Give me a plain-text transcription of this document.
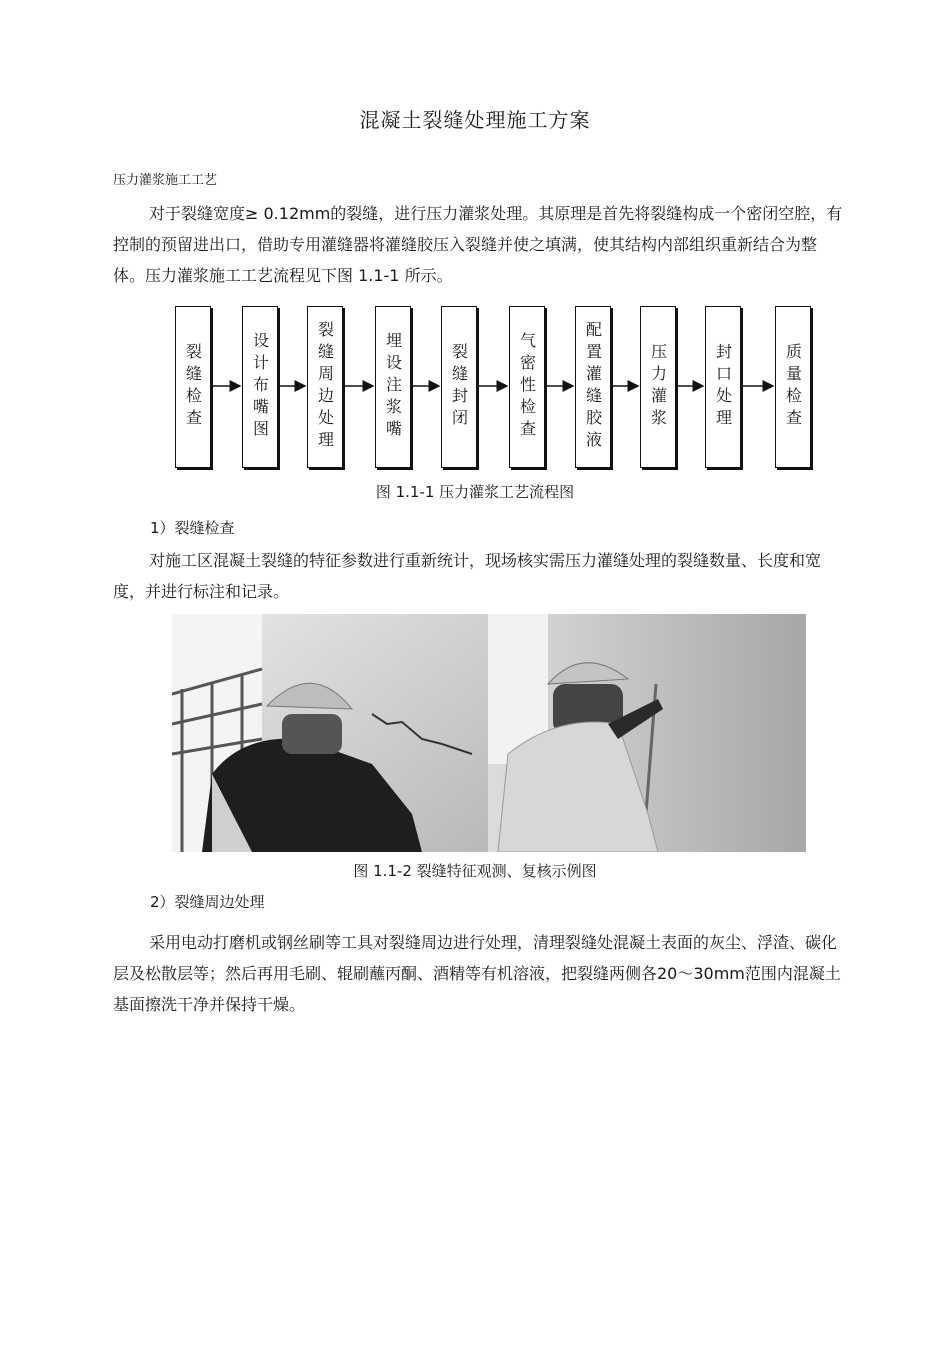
混凝土裂缝处理施工方案
压力灌浆施工工艺

对于裂缝宽度≥ 0.12mm的裂缝，进行压力灌浆处理。其原理是首先将裂缝构成一个密闭空腔，有控制的预留进出口，借助专用灌缝器将灌缝胶压入裂缝并使之填满，使其结构内部组织重新结合为整体。压力灌浆施工工艺流程见下图 1.1-1 所示。

裂缝检查	设计布嘴图	裂缝周边处理	埋设注浆嘴	裂缝封闭	气密性检查	配置灌缝胶液	压力灌浆	封口处理	质量检查
图 1.1-1 压力灌浆工艺流程图
1）裂缝检查

对施工区混凝土裂缝的特征参数进行重新统计，现场核实需压力灌缝处理的裂缝数量、长度和宽度，并进行标注和记录。

图 1.1-2 裂缝特征观测、复核示例图
2）裂缝周边处理

采用电动打磨机或钢丝刷等工具对裂缝周边进行处理，清理裂缝处混凝土表面的灰尘、浮渣、碳化层及松散层等；然后再用毛刷、辊刷蘸丙酮、酒精等有机溶液，把裂缝两侧各20～30mm范围内混凝土基面擦洗干净并保持干燥。
